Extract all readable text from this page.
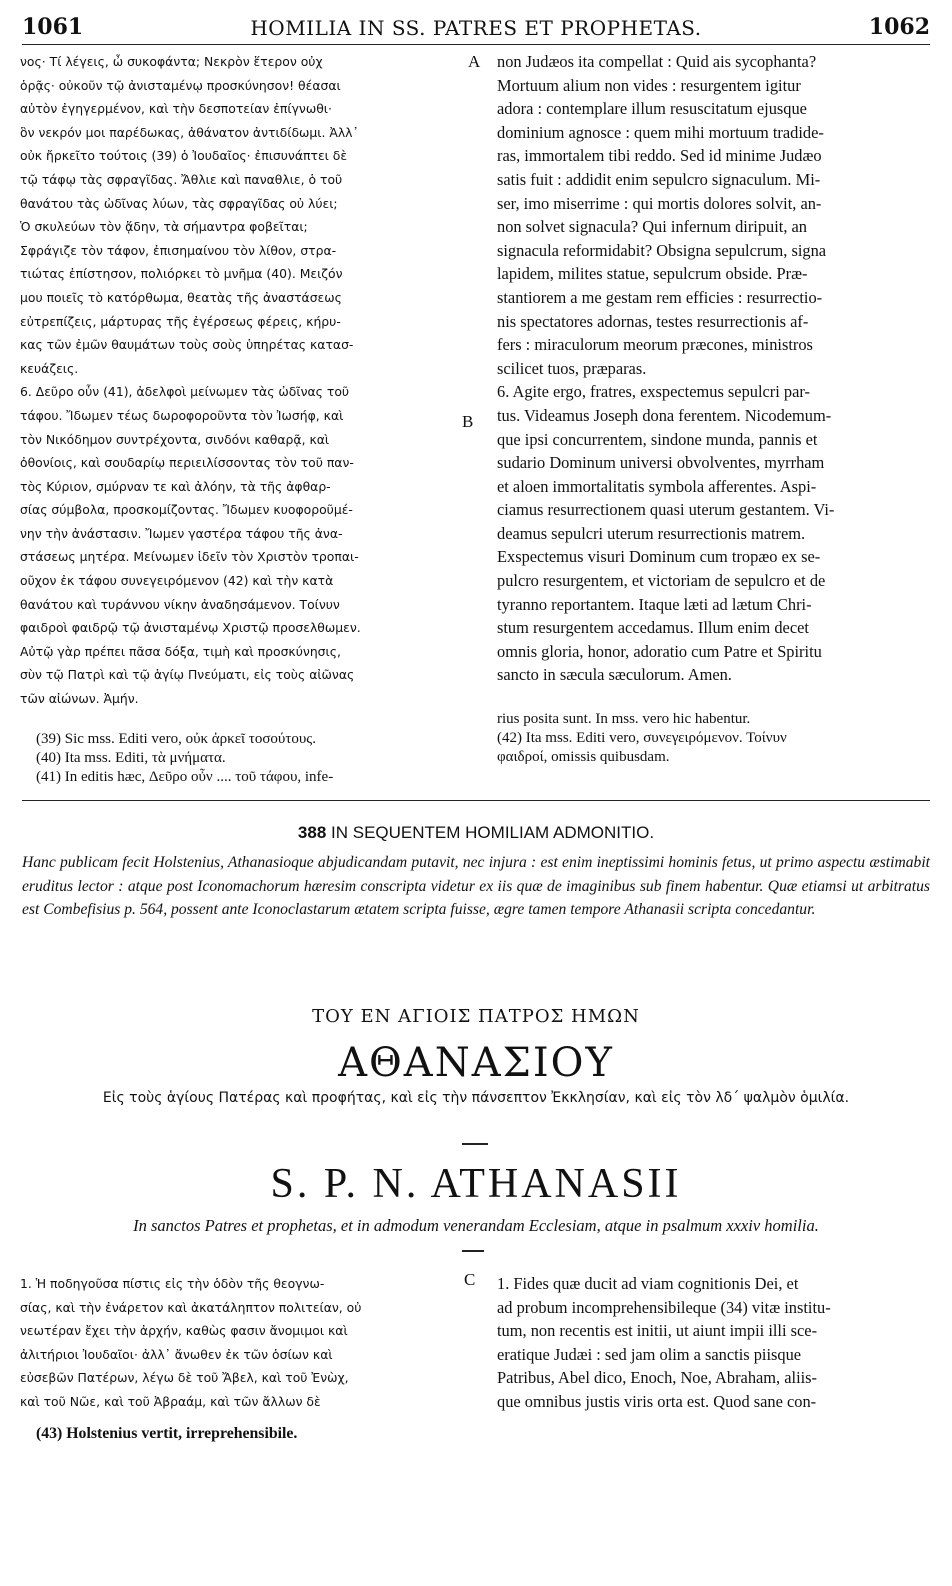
1061	HOMILIA IN SS. PATRES ET PROPHETAS.	1062
A
B
C
νος· Τί λέγεις, ὦ συκοφάντα; Νεκρὸν ἕτερον οὐχ
ὁρᾷς· οὐκοῦν τῷ ἀνισταμένῳ προσκύνησον! θέασαι
αὐτὸν ἐγηγερμένον, καὶ τὴν δεσποτείαν ἐπίγνωθι·
ὃν νεκρόν μοι παρέδωκας, ἀθάνατον ἀντιδίδωμι. Ἀλλ᾽
οὐκ ἤρκεῖτο τούτοις (39) ὁ Ἰουδαῖος· ἐπισυνάπτει δὲ
τῷ τάφῳ τὰς σφραγῖδας. Ἄθλιε καὶ παναθλιε, ὁ τοῦ
θανάτου τὰς ὠδῖνας λύων, τὰς σφραγῖδας οὐ λύει;
Ὁ σκυλεύων τὸν ᾅδην, τὰ σήμαντρα φοβεῖται;
Σφράγιζε τὸν τάφον, ἐπισημαίνου τὸν λίθον, στρα-
τιώτας ἐπίστησον, πολιόρκει τὸ μνῆμα (40). Μειζόν
μου ποιεῖς τὸ κατόρθωμα, θεατὰς τῆς ἀναστάσεως
εὐτρεπίζεις, μάρτυρας τῆς ἐγέρσεως φέρεις, κήρυ-
κας τῶν ἐμῶν θαυμάτων τοὺς σοὺς ὑπηρέτας κατασ-
κευάζεις.
6. Δεῦρο οὖν (41), ἀδελφοὶ μείνωμεν τὰς ὠδῖνας τοῦ
τάφου. Ἴδωμεν τέως δωροφοροῦντα τὸν Ἰωσήφ, καὶ
τὸν Νικόδημον συντρέχοντα, σινδόνι καθαρᾷ, καὶ
ὀθονίοις, καὶ σουδαρίῳ περιειλίσσοντας τὸν τοῦ παν-
τὸς Κύριον, σμύρναν τε καὶ ἀλόην, τὰ τῆς ἀφθαρ-
σίας σύμβολα, προσκομίζοντας. Ἴδωμεν κυοφοροῦμέ-
νην τὴν ἀνάστασιν. Ἴωμεν γαστέρα τάφου τῆς ἀνα-
στάσεως μητέρα. Μείνωμεν ἰδεῖν τὸν Χριστὸν τροπαι-
οῦχον ἐκ τάφου συνεγειρόμενον (42) καὶ τὴν κατὰ
θανάτου καὶ τυράννου νίκην ἀναδησάμενον. Τοίνυν
φαιδροὶ φαιδρῷ τῷ ἀνισταμένῳ Χριστῷ προσελθωμεν.
Αὐτῷ γὰρ πρέπει πᾶσα δόξα, τιμὴ καὶ προσκύνησις,
σὺν τῷ Πατρὶ καὶ τῷ ἁγίῳ Πνεύματι, εἰς τοὺς αἰῶνας
τῶν αἰώνων. Ἀμήν.
non Judæos ita compellat : Quid ais sycophanta?
Mortuum alium non vides : resurgentem igitur
adora : contemplare illum resuscitatum ejusque
dominium agnosce : quem mihi mortuum tradide-
ras, immortalem tibi reddo. Sed id minime Judæo
satis fuit : addidit enim sepulcro signaculum. Mi-
ser, imo miserrime : qui mortis dolores solvit, an-
non solvet signacula? Qui infernum diripuit, an
signacula reformidabit? Obsigna sepulcrum, signa
lapidem, milites statue, sepulcrum obside. Præ-
stantiorem a me gestam rem efficies : resurrectio-
nis spectatores adornas, testes resurrectionis af-
fers : miraculorum meorum præcones, ministros
scilicet tuos, præparas.
6. Agite ergo, fratres, exspectemus sepulcri par-
tus. Videamus Joseph dona ferentem. Nicodemum-
que ipsi concurrentem, sindone munda, pannis et
sudario Dominum universi obvolventes, myrrham
et aloen immortalitatis symbola afferentes. Aspi-
ciamus resurrectionem quasi uterum gestantem. Vi-
deamus sepulcri uterum resurrectionis matrem.
Exspectemus visuri Dominum cum tropæo ex se-
pulcro resurgentem, et victoriam de sepulcro et de
tyranno reportantem. Itaque læti ad lætum Chri-
stum resurgentem accedamus. Illum enim decet
omnis gloria, honor, adoratio cum Patre et Spiritu
sancto in sæcula sæculorum. Amen.
(39) Sic mss. Editi vero, οὐκ ἀρκεῖ τοσούτους.
(40) Ita mss. Editi, τὰ μνήματα.
(41) In editis hæc, Δεῦρο οὖν .... τοῦ τάφου, infe-
rius posita sunt. In mss. vero hic habentur.
(42) Ita mss. Editi vero, συνεγειρόμενον. Τοίνυν
φαιδροί, omissis quibusdam.
388 IN SEQUENTEM HOMILIAM ADMONITIO.
Hanc publicam fecit Holstenius, Athanasioque abjudicandam putavit, nec injura : est enim ineptissimi hominis fetus, ut primo aspectu æstimabit eruditus lector : atque post Iconomachorum hæresim conscripta videtur ex iis quæ de imaginibus sub finem habentur. Quæ etiamsi ut arbitratus est Combefisius p. 564, possent ante Iconoclastarum ætatem scripta fuisse, ægre tamen tempore Athanasii scripta concedantur.
ΤΟΥ ΕΝ ΑΓΙΟΙΣ ΠΑΤΡΟΣ ΗΜΩΝ
ΑΘΑΝΑΣΙΟΥ
Εἰς τοὺς ἁγίους Πατέρας καὶ προφήτας, καὶ εἰς τὴν πάνσεπτον Ἐκκλησίαν, καὶ εἰς τὸν λδ´ ψαλμὸν ὁμιλία.
S. P. N. ATHANASII
In sanctos Patres et prophetas, et in admodum venerandam Ecclesiam, atque in psalmum xxxiv homilia.
1. Ἡ ποδηγοῦσα πίστις εἰς τὴν ὁδὸν τῆς θεογνω-
σίας, καὶ τὴν ἐνάρετον καὶ ἀκατάληπτον πολιτείαν, οὐ
νεωτέραν ἔχει τὴν ἀρχήν, καθὼς φασιν ἄνομιμοι καὶ
ἀλιτήριοι Ἰουδαῖοι· ἀλλ᾽ ἄνωθεν ἐκ τῶν ὁσίων καὶ
εὐσεβῶν Πατέρων, λέγω δὲ τοῦ Ἄβελ, καὶ τοῦ Ἐνὼχ,
καὶ τοῦ Νῶε, καὶ τοῦ Ἀβραάμ, καὶ τῶν ἄλλων δὲ
1. Fides quæ ducit ad viam cognitionis Dei, et
ad probum incomprehensibileque (34) vitæ institu-
tum, non recentis est initii, ut aiunt impii illi sce-
eratique Judæi : sed jam olim a sanctis piisque
Patribus, Abel dico, Enoch, Noe, Abraham, aliis-
que omnibus justis viris orta est. Quod sane con-
(43) Holstenius vertit, irreprehensibile.
